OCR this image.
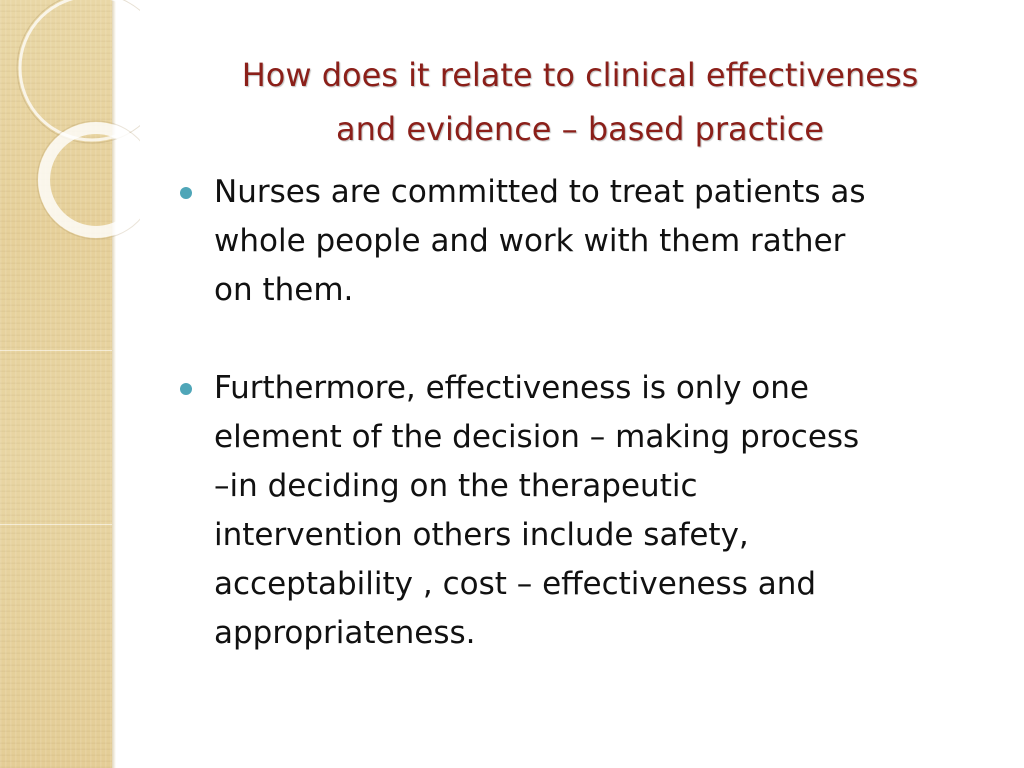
How does it relate to clinical effectiveness
and evidence – based practice
Nurses are committed to treat patients as
whole people and work with them rather
on them.
Furthermore, effectiveness is only one
element of the decision – making process
–in deciding on the therapeutic
intervention others include safety,
acceptability , cost – effectiveness and
appropriateness.
